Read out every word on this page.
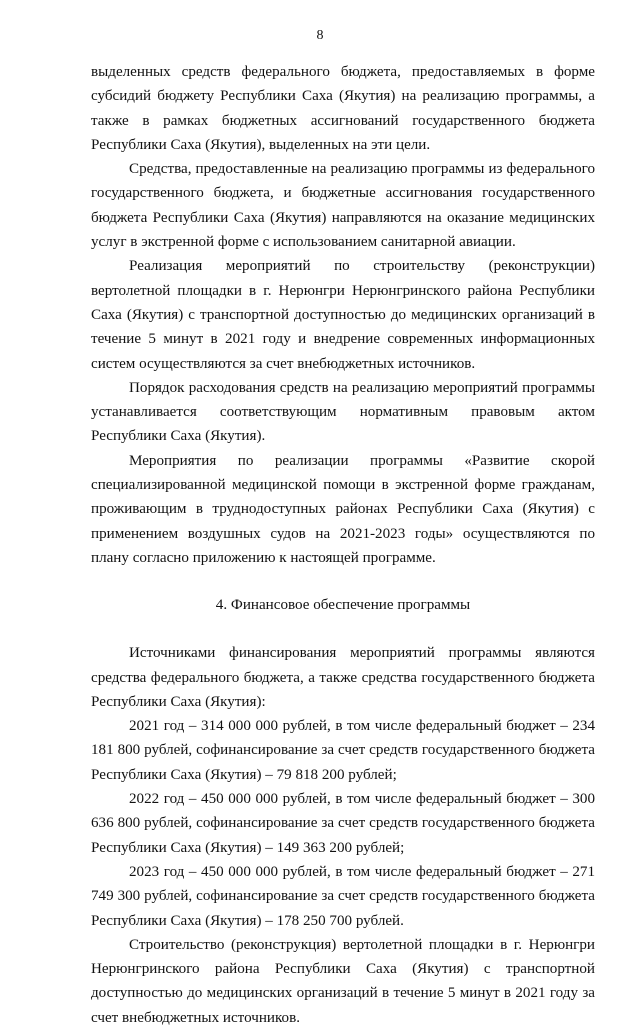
8

выделенных средств федерального бюджета, предоставляемых в форме субсидий бюджету Республики Саха (Якутия) на реализацию программы, а также в рамках бюджетных ассигнований государственного бюджета Республики Саха (Якутия), выделенных на эти цели.

Средства, предоставленные на реализацию программы из федерального государственного бюджета, и бюджетные ассигнования государственного бюджета Республики Саха (Якутия) направляются на оказание медицинских услуг в экстренной форме с использованием санитарной авиации.

Реализация мероприятий по строительству (реконструкции) вертолетной площадки в г. Нерюнгри Нерюнгринского района Республики Саха (Якутия) с транспортной доступностью до медицинских организаций в течение 5 минут в 2021 году и внедрение современных информационных систем осуществляются за счет внебюджетных источников.

Порядок расходования средств на реализацию мероприятий программы устанавливается соответствующим нормативным правовым актом Республики Саха (Якутия).

Мероприятия по реализации программы «Развитие скорой специализированной медицинской помощи в экстренной форме гражданам, проживающим в труднодоступных районах Республики Саха (Якутия) с применением воздушных судов на 2021-2023 годы» осуществляются по плану согласно приложению к настоящей программе.

4. Финансовое обеспечение программы

Источниками финансирования мероприятий программы являются средства федерального бюджета, а также средства государственного бюджета Республики Саха (Якутия):

2021 год – 314 000 000 рублей, в том числе федеральный бюджет – 234 181 800 рублей, софинансирование за счет средств государственного бюджета Республики Саха (Якутия) – 79 818 200 рублей;

2022 год – 450 000 000 рублей, в том числе федеральный бюджет – 300 636 800 рублей, софинансирование за счет средств государственного бюджета Республики Саха (Якутия) – 149 363 200 рублей;

2023 год – 450 000 000 рублей, в том числе федеральный бюджет – 271 749 300 рублей, софинансирование за счет средств государственного бюджета Республики Саха (Якутия) – 178 250 700 рублей.

Строительство (реконструкция) вертолетной площадки в г. Нерюнгри Нерюнгринского района Республики Саха (Якутия) с транспортной доступностью до медицинских организаций в течение 5 минут в 2021 году за счет внебюджетных источников.
